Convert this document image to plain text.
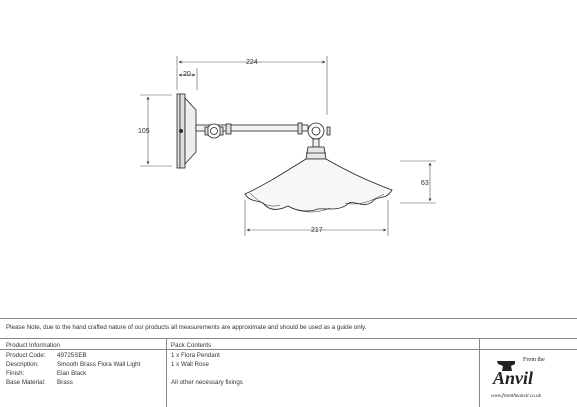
224
20
105
63
217
Please Note, due to the hand crafted nature of our products all measurements are approximate and should be used as a guide only.
Product Information	Pack Contents
Product Code: 49725SEB
Description:	Smooth Brass Flora Wall Light
Finish:	Elan Black
Base Material: Brass
1 x Flora Pendant
1 x Wall Rose
All other necessary fixings
From the
Anvil
www.fromtheanvil.co.uk
